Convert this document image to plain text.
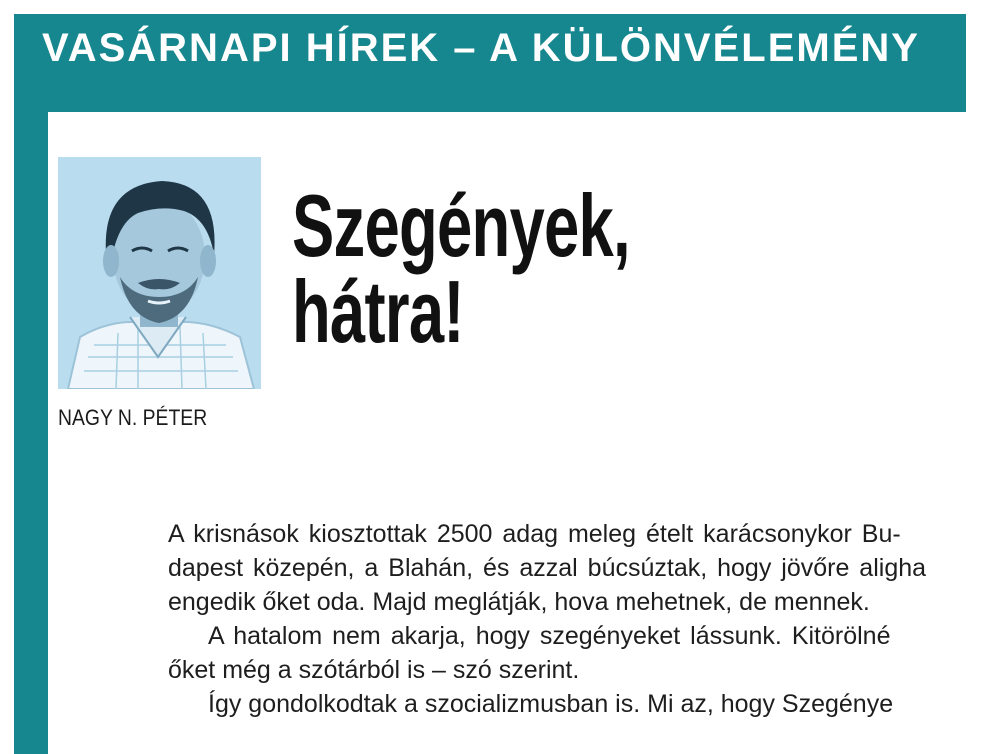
VASÁRNAPI HÍREK – A KÜLÖNVÉLEMÉNY
NAGY N. PÉTER
Szegények,
hátra!

A krisnások kiosztottak 2500 adag meleg ételt karácsonykor Bu-

dapest közepén, a Blahán, és azzal búcsúztak, hogy jövőre aligha

engedik őket oda. Majd meglátják, hova mehetnek, de mennek.

A hatalom nem akarja, hogy szegényeket lássunk. Kitörölné

őket még a szótárból is – szó szerint.

Így gondolkodtak a szocializmusban is. Mi az, hogy Szegénye
